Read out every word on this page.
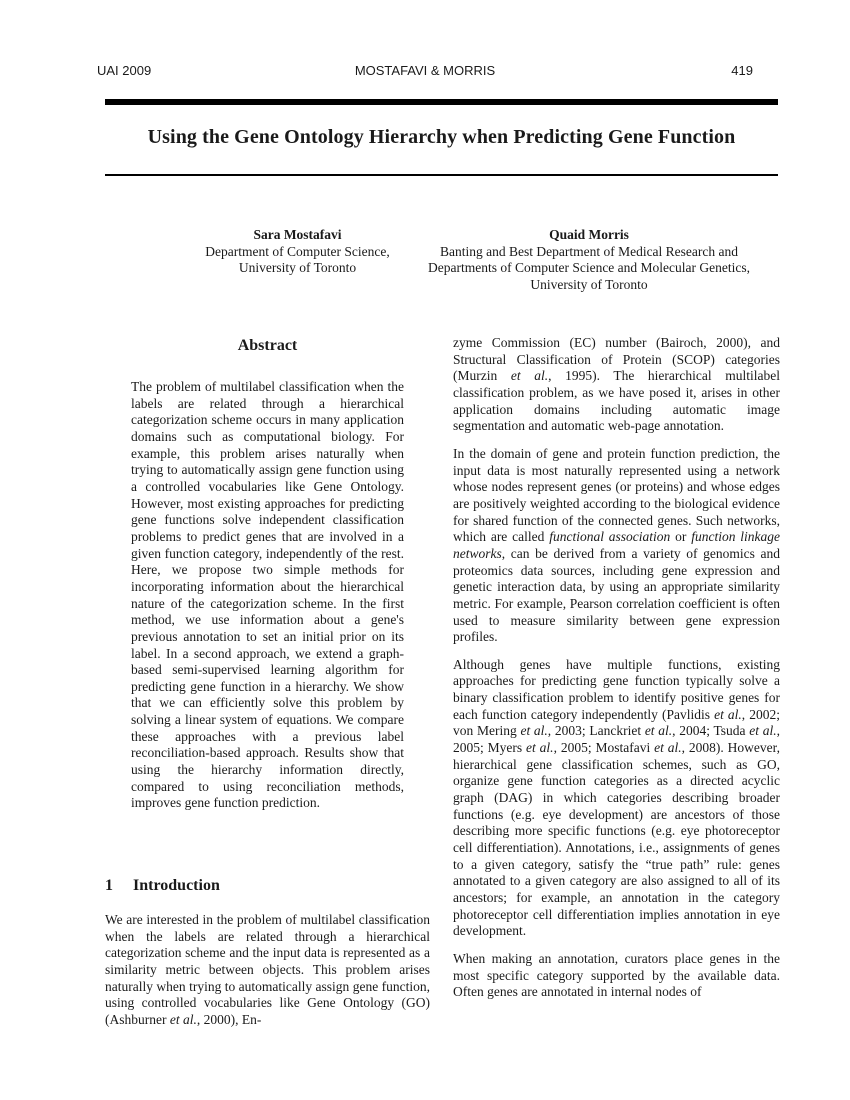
UAI 2009	MOSTAFAVI & MORRIS	419
Using the Gene Ontology Hierarchy when Predicting Gene Function
Sara Mostafavi
Department of Computer Science,
University of Toronto
Quaid Morris
Banting and Best Department of Medical Research and
Departments of Computer Science and Molecular Genetics,
University of Toronto
Abstract

The problem of multilabel classification when the labels are related through a hierarchical categorization scheme occurs in many application domains such as computational biology. For example, this problem arises naturally when trying to automatically assign gene function using a controlled vocabularies like Gene Ontology. However, most existing approaches for predicting gene functions solve independent classification problems to predict genes that are involved in a given function category, independently of the rest. Here, we propose two simple methods for incorporating information about the hierarchical nature of the categorization scheme. In the first method, we use information about a gene's previous annotation to set an initial prior on its label. In a second approach, we extend a graph-based semi-supervised learning algorithm for predicting gene function in a hierarchy. We show that we can efficiently solve this problem by solving a linear system of equations. We compare these approaches with a previous label reconciliation-based approach. Results show that using the hierarchy information directly, compared to using reconciliation methods, improves gene function prediction.

1 Introduction

We are interested in the problem of multilabel classification when the labels are related through a hierarchical categorization scheme and the input data is represented as a similarity metric between objects. This problem arises naturally when trying to automatically assign gene function, using controlled vocabularies like Gene Ontology (GO) (Ashburner et al., 2000), En-

zyme Commission (EC) number (Bairoch, 2000), and Structural Classification of Protein (SCOP) categories (Murzin et al., 1995). The hierarchical multilabel classification problem, as we have posed it, arises in other application domains including automatic image segmentation and automatic web-page annotation.

In the domain of gene and protein function prediction, the input data is most naturally represented using a network whose nodes represent genes (or proteins) and whose edges are positively weighted according to the biological evidence for shared function of the connected genes. Such networks, which are called functional association or function linkage networks, can be derived from a variety of genomics and proteomics data sources, including gene expression and genetic interaction data, by using an appropriate similarity metric. For example, Pearson correlation coefficient is often used to measure similarity between gene expression profiles.

Although genes have multiple functions, existing approaches for predicting gene function typically solve a binary classification problem to identify positive genes for each function category independently (Pavlidis et al., 2002; von Mering et al., 2003; Lanckriet et al., 2004; Tsuda et al., 2005; Myers et al., 2005; Mostafavi et al., 2008). However, hierarchical gene classification schemes, such as GO, organize gene function categories as a directed acyclic graph (DAG) in which categories describing broader functions (e.g. eye development) are ancestors of those describing more specific functions (e.g. eye photoreceptor cell differentiation). Annotations, i.e., assignments of genes to a given category, satisfy the “true path” rule: genes annotated to a given category are also assigned to all of its ancestors; for example, an annotation in the category photoreceptor cell differentiation implies annotation in eye development.

When making an annotation, curators place genes in the most specific category supported by the available data. Often genes are annotated in internal nodes of
